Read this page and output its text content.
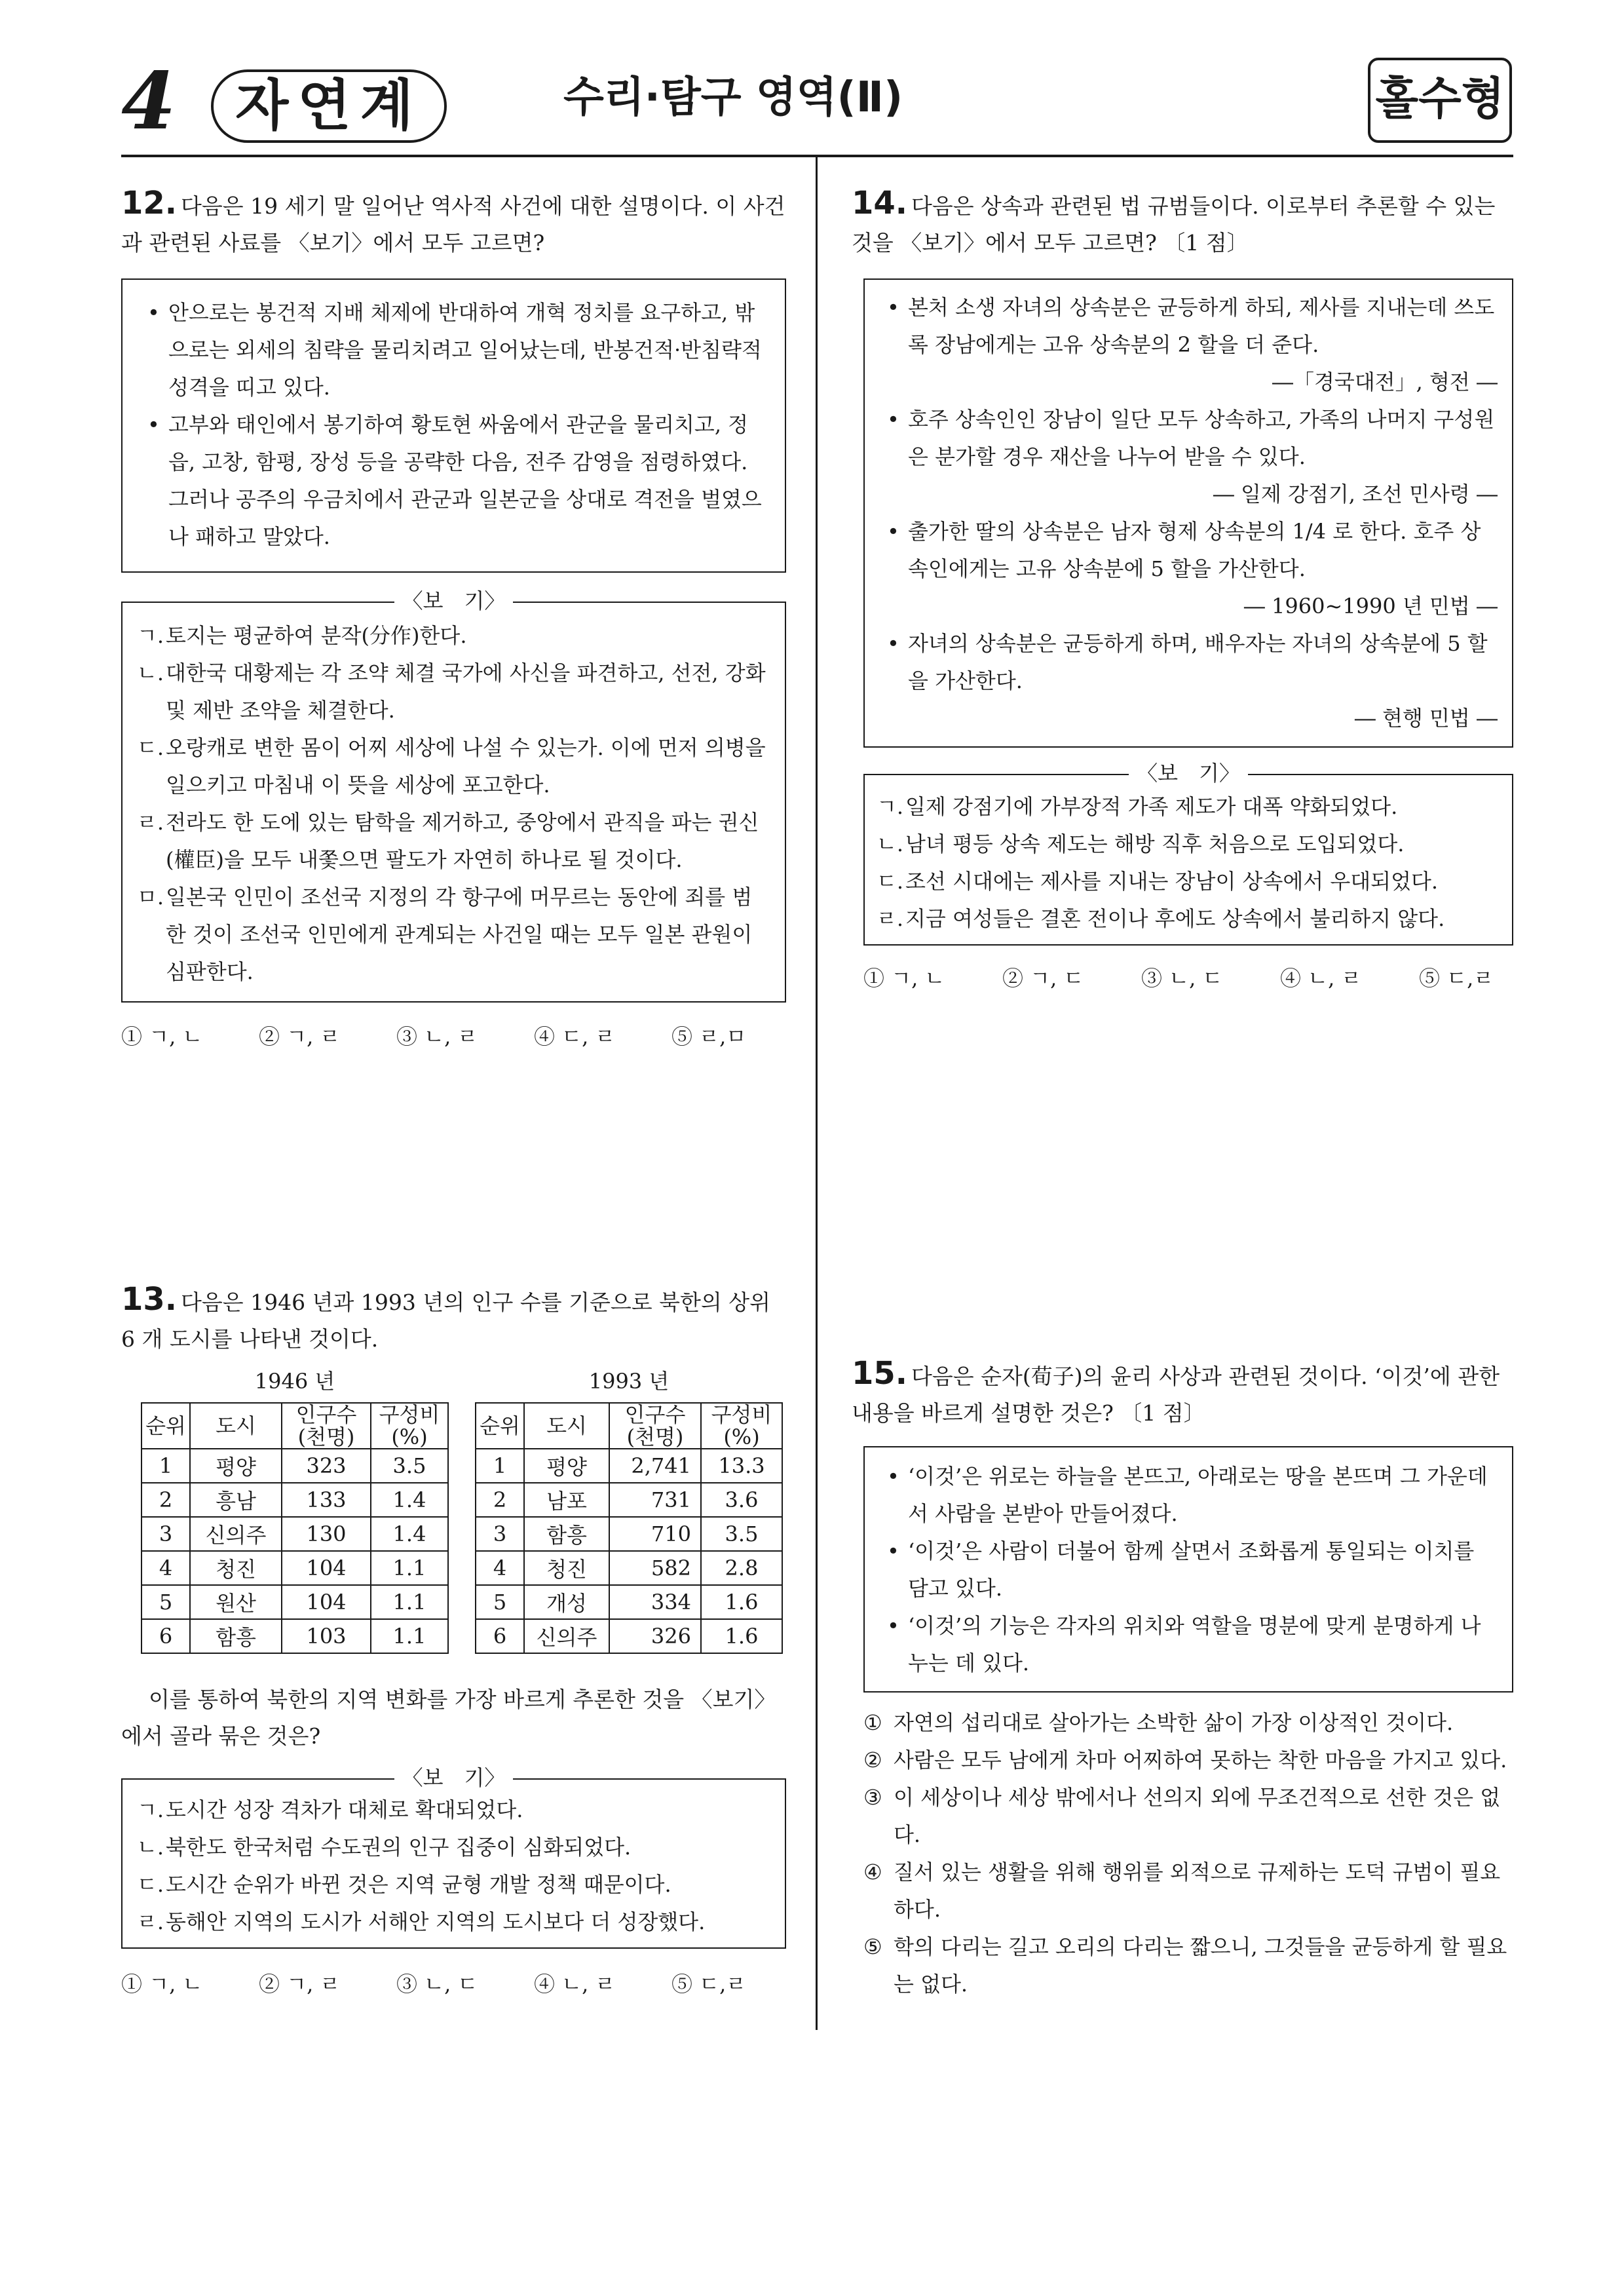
4	자연계	수리·탐구 영역(Ⅱ)	홀수형
12. 다음은 19 세기 말 일어난 역사적 사건에 대한 설명이다. 이 사건과 관련된 사료를 〈보기〉에서 모두 고르면?
• 안으로는 봉건적 지배 체제에 반대하여 개혁 정치를 요구하고, 밖으로는 외세의 침략을 물리치려고 일어났는데, 반봉건적·반침략적 성격을 띠고 있다.
• 고부와 태인에서 봉기하여 황토현 싸움에서 관군을 물리치고, 정읍, 고창, 함평, 장성 등을 공략한 다음, 전주 감영을 점령하였다. 그러나 공주의 우금치에서 관군과 일본군을 상대로 격전을 벌였으나 패하고 말았다.
〈보　기〉
ㄱ. 토지는 평균하여 분작(分作)한다.
ㄴ. 대한국 대황제는 각 조약 체결 국가에 사신을 파견하고, 선전, 강화 및 제반 조약을 체결한다.
ㄷ. 오랑캐로 변한 몸이 어찌 세상에 나설 수 있는가. 이에 먼저 의병을 일으키고 마침내 이 뜻을 세상에 포고한다.
ㄹ. 전라도 한 도에 있는 탐학을 제거하고, 중앙에서 관직을 파는 권신(權臣)을 모두 내쫓으면 팔도가 자연히 하나로 될 것이다.
ㅁ. 일본국 인민이 조선국 지정의 각 항구에 머무르는 동안에 죄를 범한 것이 조선국 인민에게 관계되는 사건일 때는 모두 일본 관원이 심판한다.
① ㄱ, ㄴ	② ㄱ, ㄹ	③ ㄴ, ㄹ	④ ㄷ, ㄹ	⑤ ㄹ,ㅁ
13. 다음은 1946 년과 1993 년의 인구 수를 기준으로 북한의 상위 6 개 도시를 나타낸 것이다.
1946 년
순위	도시	인구수 (천명)	구성비 (%)
1	평양	323	3.5
2	흥남	133	1.4
3	신의주	130	1.4
4	청진	104	1.1
5	원산	104	1.1
6	함흥	103	1.1
1993 년
순위	도시	인구수 (천명)	구성비 (%)
1	평양	2,741	13.3
2	남포	731	3.6
3	함흥	710	3.5
4	청진	582	2.8
5	개성	334	1.6
6	신의주	326	1.6
이를 통하여 북한의 지역 변화를 가장 바르게 추론한 것을 〈보기〉에서 골라 묶은 것은?
〈보　기〉
ㄱ. 도시간 성장 격차가 대체로 확대되었다.
ㄴ. 북한도 한국처럼 수도권의 인구 집중이 심화되었다.
ㄷ. 도시간 순위가 바뀐 것은 지역 균형 개발 정책 때문이다.
ㄹ. 동해안 지역의 도시가 서해안 지역의 도시보다 더 성장했다.
① ㄱ, ㄴ	② ㄱ, ㄹ	③ ㄴ, ㄷ	④ ㄴ, ㄹ	⑤ ㄷ,ㄹ
14. 다음은 상속과 관련된 법 규범들이다. 이로부터 추론할 수 있는 것을 〈보기〉에서 모두 고르면? 〔1 점〕
• 본처 소생 자녀의 상속분은 균등하게 하되, 제사를 지내는데 쓰도록 장남에게는 고유 상속분의 2 할을 더 준다.
―「경국대전」, 형전 ―
• 호주 상속인인 장남이 일단 모두 상속하고, 가족의 나머지 구성원은 분가할 경우 재산을 나누어 받을 수 있다.
― 일제 강점기, 조선 민사령 ―
• 출가한 딸의 상속분은 남자 형제 상속분의 1/4 로 한다. 호주 상속인에게는 고유 상속분에 5 할을 가산한다.
― 1960~1990 년 민법 ―
• 자녀의 상속분은 균등하게 하며, 배우자는 자녀의 상속분에 5 할을 가산한다.
― 현행 민법 ―
〈보　기〉
ㄱ. 일제 강점기에 가부장적 가족 제도가 대폭 약화되었다.
ㄴ. 남녀 평등 상속 제도는 해방 직후 처음으로 도입되었다.
ㄷ. 조선 시대에는 제사를 지내는 장남이 상속에서 우대되었다.
ㄹ. 지금 여성들은 결혼 전이나 후에도 상속에서 불리하지 않다.
① ㄱ, ㄴ	② ㄱ, ㄷ	③ ㄴ, ㄷ	④ ㄴ, ㄹ	⑤ ㄷ,ㄹ
15. 다음은 순자(荀子)의 윤리 사상과 관련된 것이다. ‘이것’에 관한 내용을 바르게 설명한 것은? 〔1 점〕
• ‘이것’은 위로는 하늘을 본뜨고, 아래로는 땅을 본뜨며 그 가운데서 사람을 본받아 만들어졌다.
• ‘이것’은 사람이 더불어 함께 살면서 조화롭게 통일되는 이치를 담고 있다.
• ‘이것’의 기능은 각자의 위치와 역할을 명분에 맞게 분명하게 나누는 데 있다.
① 자연의 섭리대로 살아가는 소박한 삶이 가장 이상적인 것이다.
② 사람은 모두 남에게 차마 어찌하여 못하는 착한 마음을 가지고 있다.
③ 이 세상이나 세상 밖에서나 선의지 외에 무조건적으로 선한 것은 없다.
④ 질서 있는 생활을 위해 행위를 외적으로 규제하는 도덕 규범이 필요하다.
⑤ 학의 다리는 길고 오리의 다리는 짧으니, 그것들을 균등하게 할 필요는 없다.
